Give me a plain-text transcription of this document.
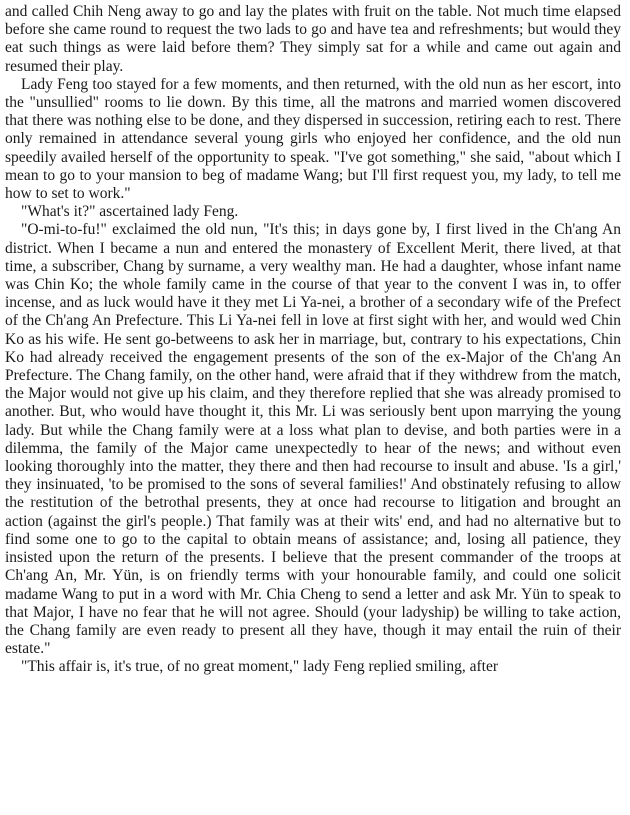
and called Chih Neng away to go and lay the plates with fruit on the table. Not much time elapsed before she came round to request the two lads to go and have tea and refreshments; but would they eat such things as were laid before them? They simply sat for a while and came out again and resumed their play.

Lady Feng too stayed for a few moments, and then returned, with the old nun as her escort, into the "unsullied" rooms to lie down. By this time, all the matrons and married women discovered that there was nothing else to be done, and they dispersed in succession, retiring each to rest. There only remained in attendance several young girls who enjoyed her confidence, and the old nun speedily availed herself of the opportunity to speak. "I've got something," she said, "about which I mean to go to your mansion to beg of madame Wang; but I'll first request you, my lady, to tell me how to set to work."

"What's it?" ascertained lady Feng.

"O-mi-to-fu!" exclaimed the old nun, "It's this; in days gone by, I first lived in the Ch'ang An district. When I became a nun and entered the monastery of Excellent Merit, there lived, at that time, a subscriber, Chang by surname, a very wealthy man. He had a daughter, whose infant name was Chin Ko; the whole family came in the course of that year to the convent I was in, to offer incense, and as luck would have it they met Li Ya-nei, a brother of a secondary wife of the Prefect of the Ch'ang An Prefecture. This Li Ya-nei fell in love at first sight with her, and would wed Chin Ko as his wife. He sent go-betweens to ask her in marriage, but, contrary to his expectations, Chin Ko had already received the engagement presents of the son of the ex-Major of the Ch'ang An Prefecture. The Chang family, on the other hand, were afraid that if they withdrew from the match, the Major would not give up his claim, and they therefore replied that she was already promised to another. But, who would have thought it, this Mr. Li was seriously bent upon marrying the young lady. But while the Chang family were at a loss what plan to devise, and both parties were in a dilemma, the family of the Major came unexpectedly to hear of the news; and without even looking thoroughly into the matter, they there and then had recourse to insult and abuse. 'Is a girl,' they insinuated, 'to be promised to the sons of several families!' And obstinately refusing to allow the restitution of the betrothal presents, they at once had recourse to litigation and brought an action (against the girl's people.) That family was at their wits' end, and had no alternative but to find some one to go to the capital to obtain means of assistance; and, losing all patience, they insisted upon the return of the presents. I believe that the present commander of the troops at Ch'ang An, Mr. Yün, is on friendly terms with your honourable family, and could one solicit madame Wang to put in a word with Mr. Chia Cheng to send a letter and ask Mr. Yün to speak to that Major, I have no fear that he will not agree. Should (your ladyship) be willing to take action, the Chang family are even ready to present all they have, though it may entail the ruin of their estate."

"This affair is, it's true, of no great moment," lady Feng replied smiling, after
